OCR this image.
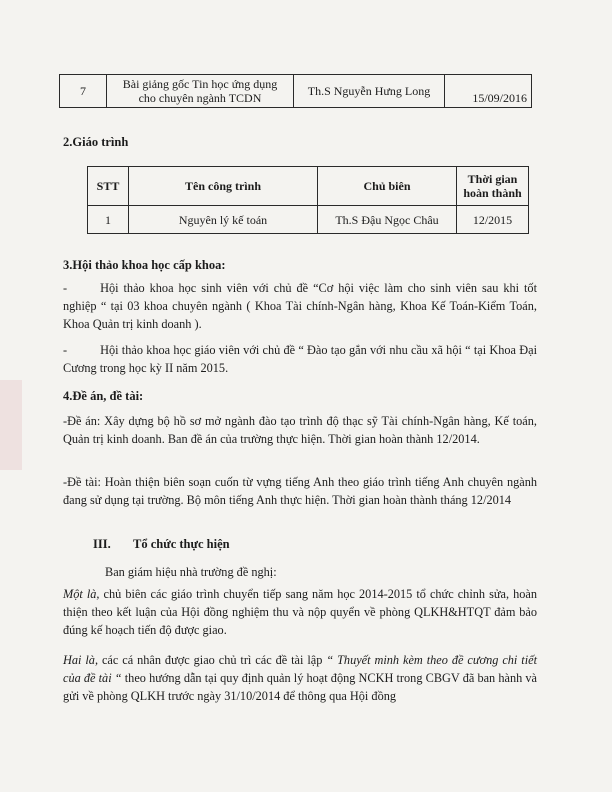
7	Bài giảng gốc Tin học ứng dụng
cho chuyên ngành TCDN	Th.S Nguyễn Hưng Long	15/09/2016
2.Giáo trình
STT	Tên công trình	Chủ biên	Thời gian
hoàn thành
1	Nguyên lý kế toán	Th.S Đậu Ngọc Châu	12/2015
3.Hội thảo khoa học cấp khoa:
-	Hội thảo khoa học sinh viên với chủ đề “Cơ hội việc làm cho sinh viên sau khi tốt nghiệp “ tại 03 khoa chuyên ngành ( Khoa Tài chính-Ngân hàng, Khoa Kế Toán-Kiểm Toán, Khoa Quản trị kinh doanh ).
-	Hội thảo khoa học giáo viên với chủ đề “ Đào tạo gắn với nhu cầu xã hội “ tại Khoa Đại Cương trong học kỳ II năm 2015.
4.Đề án, đề tài:
-Đề án: Xây dựng bộ hồ sơ mở ngành đào tạo trình độ thạc sỹ Tài chính-Ngân hàng, Kế toán, Quản trị kinh doanh. Ban đề án của trường thực hiện. Thời gian hoàn thành 12/2014.
-Đề tài: Hoàn thiện biên soạn cuốn từ vựng tiếng Anh theo giáo trình tiếng Anh chuyên ngành đang sử dụng tại trường. Bộ môn tiếng Anh thực hiện. Thời gian hoàn thành tháng 12/2014
III. Tổ chức thực hiện
Ban giám hiệu nhà trường đề nghị:
Một là, chủ biên các giáo trình chuyển tiếp sang năm học 2014-2015 tổ chức chỉnh sửa, hoàn thiện theo kết luận của Hội đồng nghiệm thu và nộp quyển về phòng QLKH&HTQT đảm bảo đúng kế hoạch tiến độ được giao.
Hai là, các cá nhân được giao chủ trì các đề tài lập “ Thuyết minh kèm theo đề cương chi tiết của đề tài “ theo hướng dẫn tại quy định quản lý hoạt động NCKH trong CBGV đã ban hành và gửi về phòng QLKH trước ngày 31/10/2014 để thông qua Hội đồng
